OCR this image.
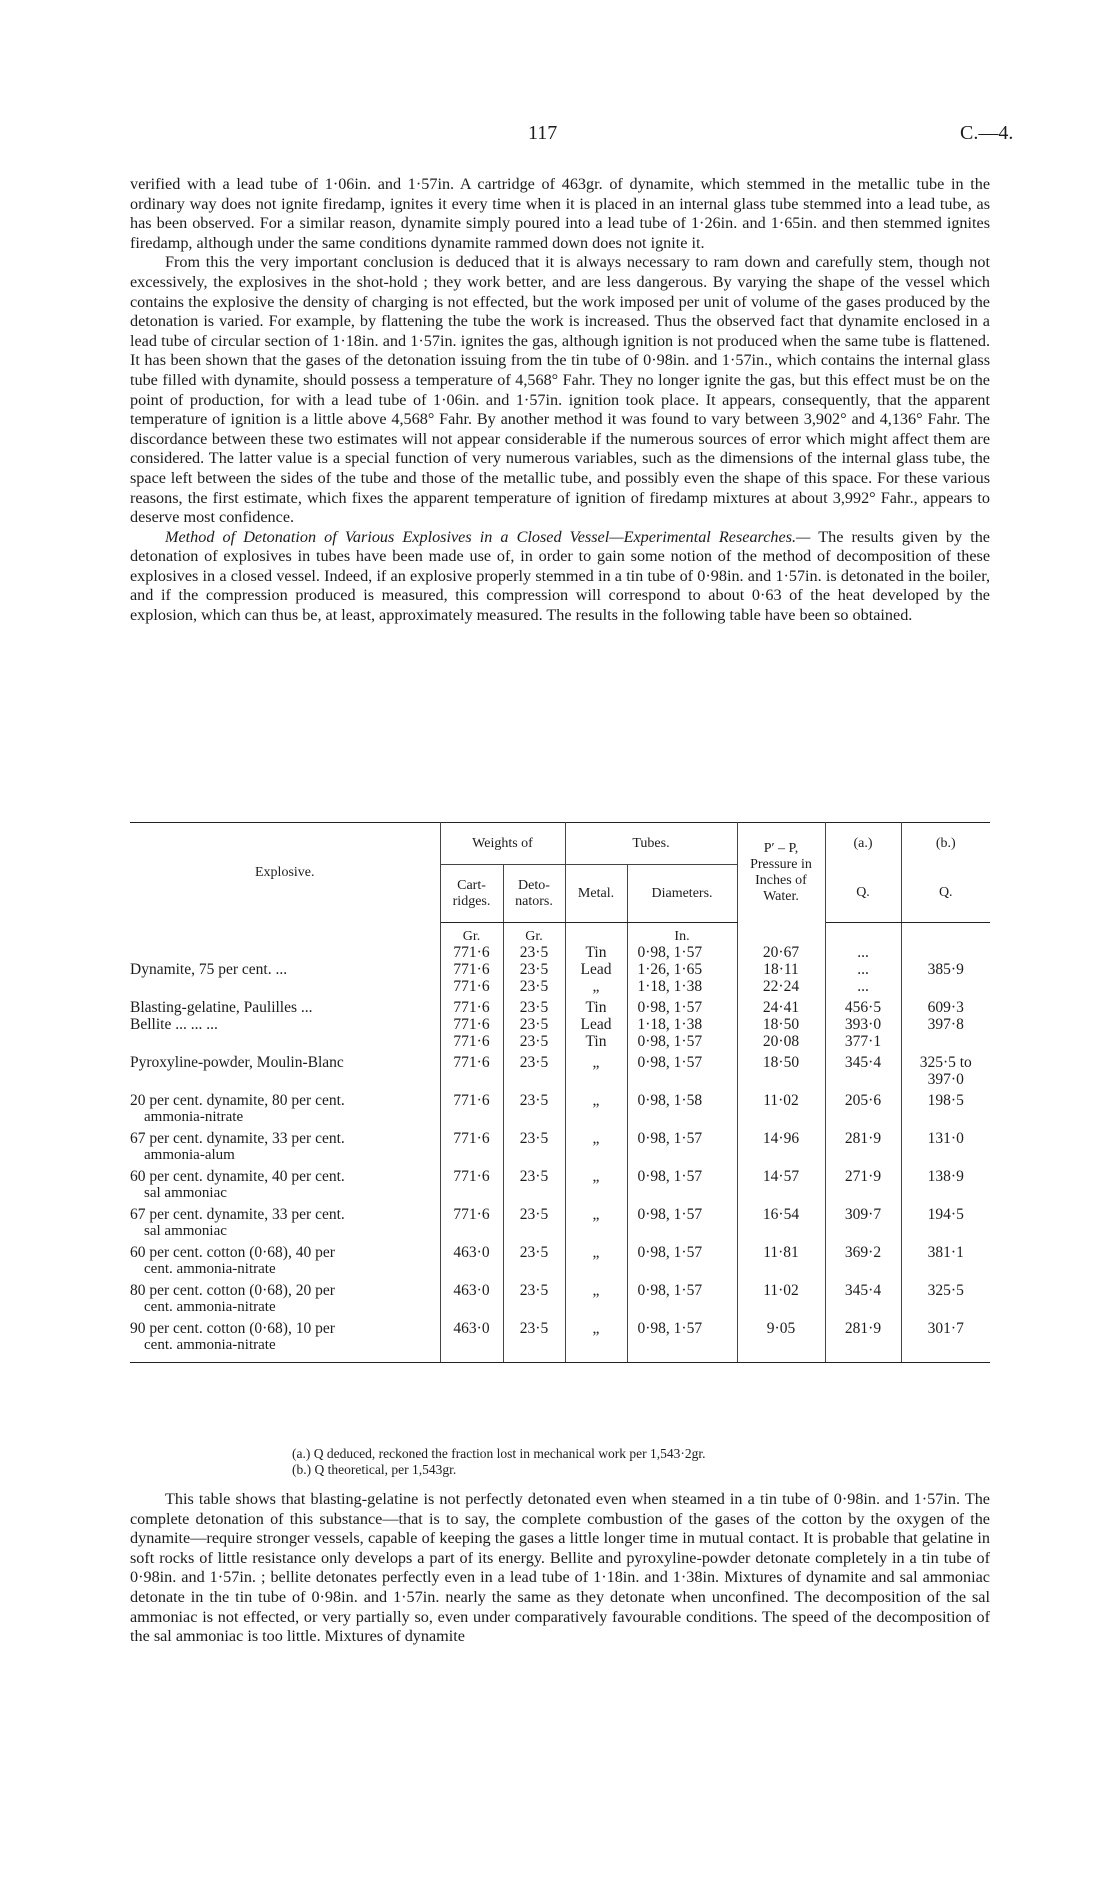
117	C.—4.

verified with a lead tube of 1·06in. and 1·57in. A cartridge of 463gr. of dynamite, which stemmed in the metallic tube in the ordinary way does not ignite firedamp, ignites it every time when it is placed in an internal glass tube stemmed into a lead tube, as has been observed. For a similar reason, dynamite simply poured into a lead tube of 1·26in. and 1·65in. and then stemmed ignites firedamp, although under the same conditions dynamite rammed down does not ignite it.

From this the very important conclusion is deduced that it is always necessary to ram down and carefully stem, though not excessively, the explosives in the shot-hold ; they work better, and are less dangerous. By varying the shape of the vessel which contains the explosive the density of charging is not effected, but the work imposed per unit of volume of the gases produced by the detonation is varied. For example, by flattening the tube the work is increased. Thus the observed fact that dynamite enclosed in a lead tube of circular section of 1·18in. and 1·57in. ignites the gas, although ignition is not produced when the same tube is flattened. It has been shown that the gases of the detonation issuing from the tin tube of 0·98in. and 1·57in., which contains the internal glass tube filled with dynamite, should possess a temperature of 4,568° Fahr. They no longer ignite the gas, but this effect must be on the point of production, for with a lead tube of 1·06in. and 1·57in. ignition took place. It appears, consequently, that the apparent temperature of ignition is a little above 4,568° Fahr. By another method it was found to vary between 3,902° and 4,136° Fahr. The discordance between these two estimates will not appear considerable if the numerous sources of error which might affect them are considered. The latter value is a special function of very numerous variables, such as the dimensions of the internal glass tube, the space left between the sides of the tube and those of the metallic tube, and possibly even the shape of this space. For these various reasons, the first estimate, which fixes the apparent temperature of ignition of firedamp mixtures at about 3,992° Fahr., appears to deserve most confidence.

Method of Detonation of Various Explosives in a Closed Vessel—Experimental Researches.— The results given by the detonation of explosives in tubes have been made use of, in order to gain some notion of the method of decomposition of these explosives in a closed vessel. Indeed, if an explosive properly stemmed in a tin tube of 0·98in. and 1·57in. is detonated in the boiler, and if the compression produced is measured, this compression will correspond to about 0·63 of the heat developed by the explosion, which can thus be, at least, approximately measured. The results in the following table have been so obtained.

Explosive.	Weights of		Tubes.		P′ – P, Pressure in Inches of Water.	(a.)	(b.)
	Cart-ridges.	Deto-nators.	Metal.	Diameters.		Q.	Q.
	Gr.	Gr.		In.			
	771·6	23·5	Tin	0·98, 1·57	20·67	...	
Dynamite, 75 per cent. ...	771·6	23·5	Lead	1·26, 1·65	18·11	...	385·9
	771·6	23·5	„	1·18, 1·38	22·24	...	
Blasting-gelatine, Paulilles ...	771·6	23·5	Tin	0·98, 1·57	24·41	456·5	609·3
Bellite ... ... ...	771·6	23·5	Lead	1·18, 1·38	18·50	393·0	397·8
	771·6	23·5	Tin	0·98, 1·57	20·08	377·1	
Pyroxyline-powder, Moulin-Blanc	771·6	23·5	„	0·98, 1·57	18·50	345·4	325·5 to 397·0

20 per cent. dynamite, 80 per cent.
ammonia-nitrate	771·6	23·5	„	0·98, 1·58	11·02	205·6	198·5

67 per cent. dynamite, 33 per cent.
ammonia-alum	771·6	23·5	„	0·98, 1·57	14·96	281·9	131·0

60 per cent. dynamite, 40 per cent.
sal ammoniac	771·6	23·5	„	0·98, 1·57	14·57	271·9	138·9

67 per cent. dynamite, 33 per cent.
sal ammoniac	771·6	23·5	„	0·98, 1·57	16·54	309·7	194·5

60 per cent. cotton (0·68), 40 per
cent. ammonia-nitrate	463·0	23·5	„	0·98, 1·57	11·81	369·2	381·1

80 per cent. cotton (0·68), 20 per
cent. ammonia-nitrate	463·0	23·5	„	0·98, 1·57	11·02	345·4	325·5

90 per cent. cotton (0·68), 10 per
cent. ammonia-nitrate	463·0	23·5	„	0·98, 1·57	9·05	281·9	301·7
(a.) Q deduced, reckoned the fraction lost in mechanical work per 1,543·2gr.
(b.) Q theoretical, per 1,543gr.

This table shows that blasting-gelatine is not perfectly detonated even when steamed in a tin tube of 0·98in. and 1·57in. The complete detonation of this substance—that is to say, the complete combustion of the gases of the cotton by the oxygen of the dynamite—require stronger vessels, capable of keeping the gases a little longer time in mutual contact. It is probable that gelatine in soft rocks of little resistance only develops a part of its energy. Bellite and pyroxyline-powder detonate completely in a tin tube of 0·98in. and 1·57in. ; bellite detonates perfectly even in a lead tube of 1·18in. and 1·38in. Mixtures of dynamite and sal ammoniac detonate in the tin tube of 0·98in. and 1·57in. nearly the same as they detonate when unconfined. The decomposition of the sal ammoniac is not effected, or very partially so, even under comparatively favourable conditions. The speed of the decomposition of the sal ammoniac is too little. Mixtures of dynamite
